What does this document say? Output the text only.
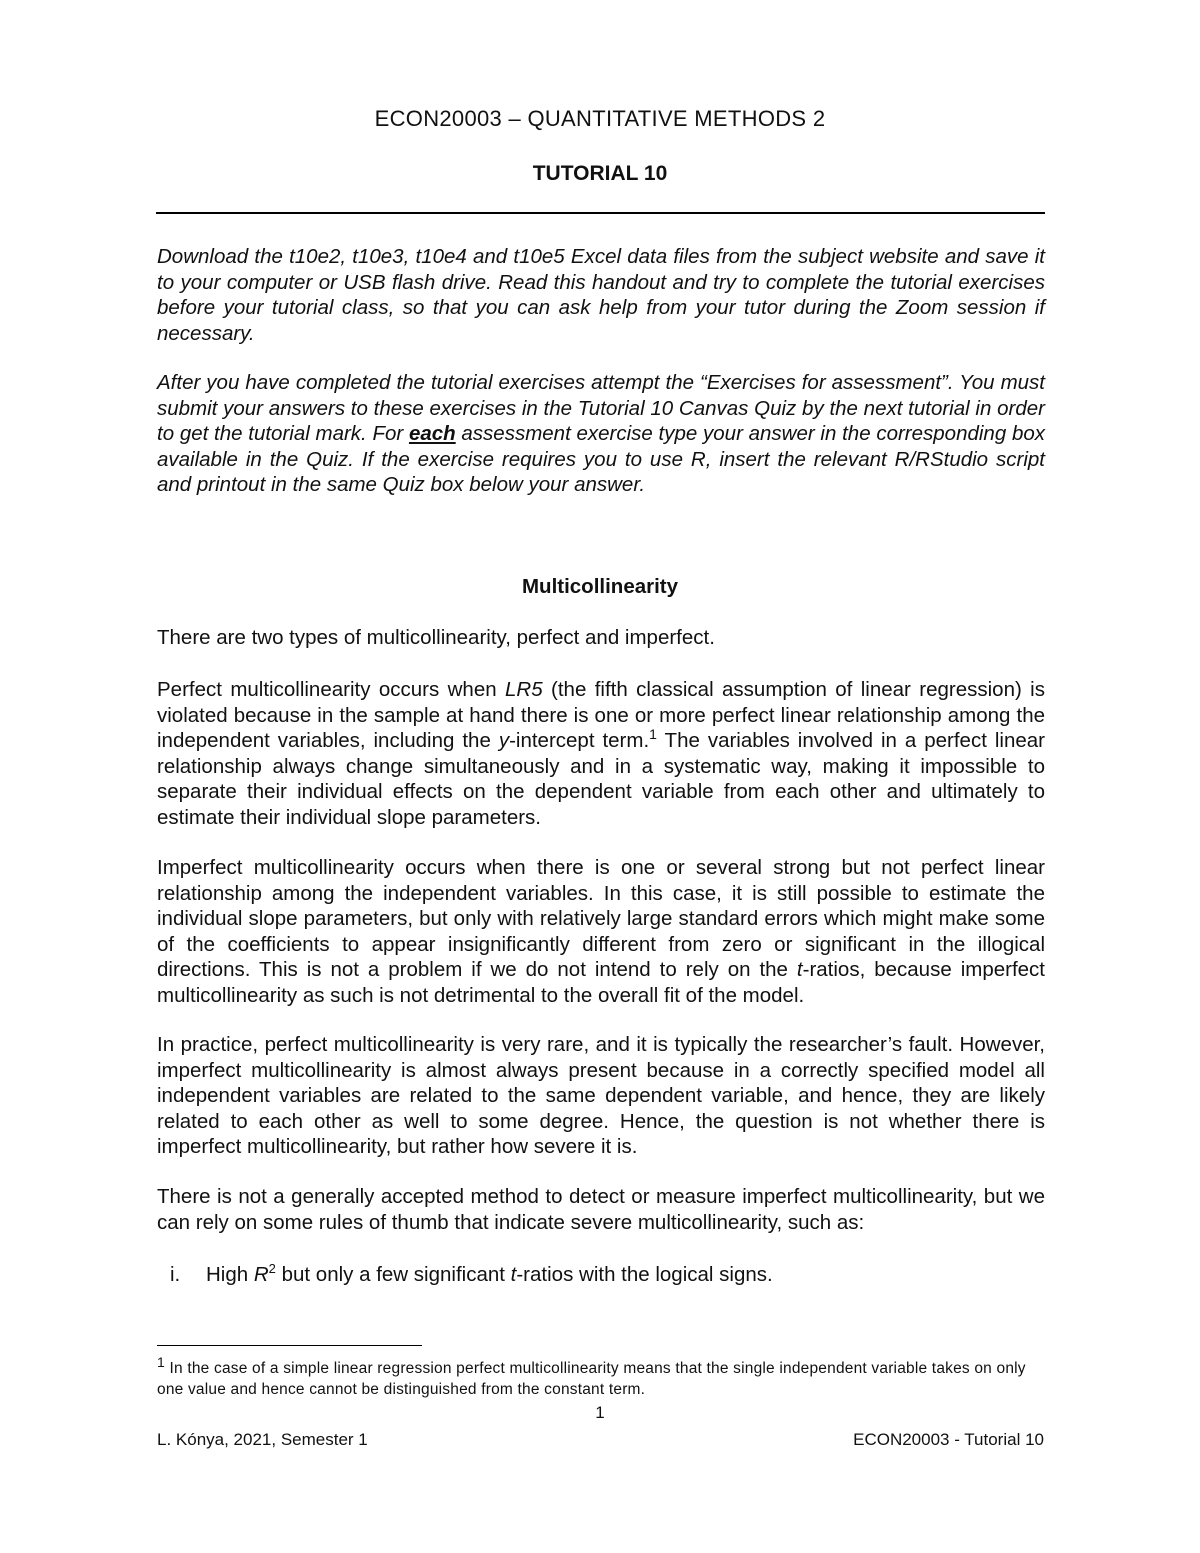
ECON20003 – QUANTITATIVE METHODS 2
TUTORIAL 10

Download the t10e2, t10e3, t10e4 and t10e5 Excel data files from the subject website and save it to your computer or USB flash drive. Read this handout and try to complete the tutorial exercises before your tutorial class, so that you can ask help from your tutor during the Zoom session if necessary.

After you have completed the tutorial exercises attempt the “Exercises for assessment”. You must submit your answers to these exercises in the Tutorial 10 Canvas Quiz by the next tutorial in order to get the tutorial mark. For each assessment exercise type your answer in the corresponding box available in the Quiz. If the exercise requires you to use R, insert the relevant R/RStudio script and printout in the same Quiz box below your answer.

Multicollinearity

There are two types of multicollinearity, perfect and imperfect.

Perfect multicollinearity occurs when LR5 (the fifth classical assumption of linear regression) is violated because in the sample at hand there is one or more perfect linear relationship among the independent variables, including the y-intercept term.$^1$ The variables involved in a perfect linear relationship always change simultaneously and in a systematic way, making it impossible to separate their individual effects on the dependent variable from each other and ultimately to estimate their individual slope parameters.

Imperfect multicollinearity occurs when there is one or several strong but not perfect linear relationship among the independent variables. In this case, it is still possible to estimate the individual slope parameters, but only with relatively large standard errors which might make some of the coefficients to appear insignificantly different from zero or significant in the illogical directions. This is not a problem if we do not intend to rely on the t-ratios, because imperfect multicollinearity as such is not detrimental to the overall fit of the model.

In practice, perfect multicollinearity is very rare, and it is typically the researcher’s fault. However, imperfect multicollinearity is almost always present because in a correctly specified model all independent variables are related to the same dependent variable, and hence, they are likely related to each other as well to some degree. Hence, the question is not whether there is imperfect multicollinearity, but rather how severe it is.

There is not a generally accepted method to detect or measure imperfect multicollinearity, but we can rely on some rules of thumb that indicate severe multicollinearity, such as:

i. High $R^2$ but only a few significant t-ratios with the logical signs.
1 In the case of a simple linear regression perfect multicollinearity means that the single independent variable takes on only one value and hence cannot be distinguished from the constant term.
1
L. Kónya, 2021, Semester 1	ECON20003 - Tutorial 10
